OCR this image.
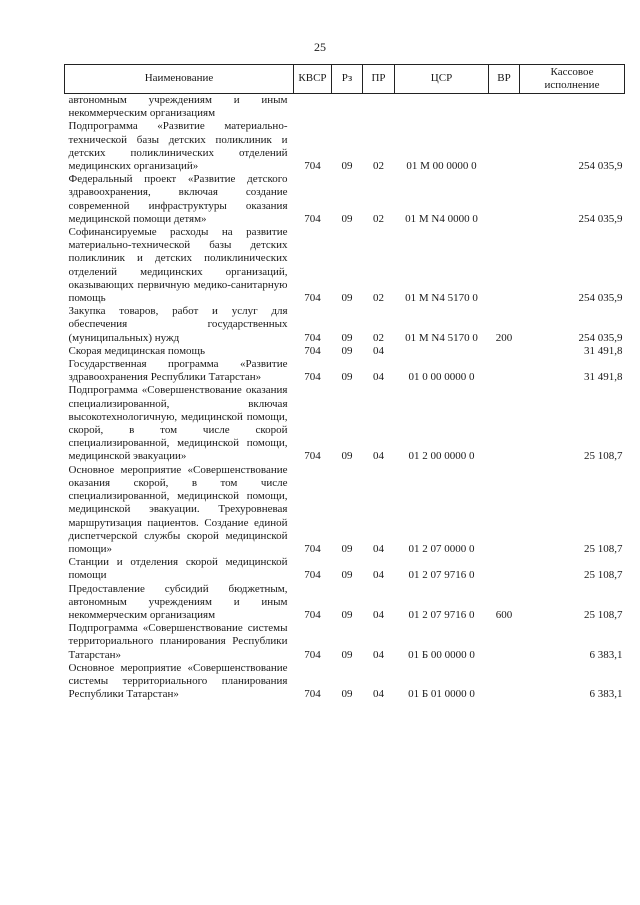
25
Наименование	КВСР	Рз	ПР	ЦСР	ВР	Кассовое исполнение
автономным учреждениям и иным некоммерческим организациям						
Подпрограмма «Развитие материально-технической базы детских поликлиник и детских поликлинических отделений медицинских организаций»	704	09	02	01 М 00 0000 0		254 035,9
Федеральный проект «Развитие детского здравоохранения, включая создание современной инфраструктуры оказания медицинской помощи детям»	704	09	02	01 М N4 0000 0		254 035,9
Софинансируемые расходы на развитие материально-технической базы детских поликлиник и детских поликлинических отделений медицинских организаций, оказывающих первичную медико-санитарную помощь	704	09	02	01 М N4 5170 0		254 035,9
Закупка товаров, работ и услуг для обеспечения государственных (муниципальных) нужд	704	09	02	01 М N4 5170 0	200	254 035,9
Скорая медицинская помощь	704	09	04			31 491,8
Государственная программа «Развитие здравоохранения Республики Татарстан»	704	09	04	01 0 00 0000 0		31 491,8
Подпрограмма «Совершенствование оказания специализированной, включая высокотехнологичную, медицинской помощи, скорой, в том числе скорой специализированной, медицинской помощи, медицинской эвакуации»	704	09	04	01 2 00 0000 0		25 108,7
Основное мероприятие «Совершенствование оказания скорой, в том числе специализированной, медицинской помощи, медицинской эвакуации. Трехуровневая маршрутизация пациентов. Создание единой диспетчерской службы скорой медицинской помощи»	704	09	04	01 2 07 0000 0		25 108,7
Станции и отделения скорой медицинской помощи	704	09	04	01 2 07 9716 0		25 108,7
Предоставление субсидий бюджетным, автономным учреждениям и иным некоммерческим организациям	704	09	04	01 2 07 9716 0	600	25 108,7
Подпрограмма «Совершенствование системы территориального планирования Республики Татарстан»	704	09	04	01 Б 00 0000 0		6 383,1
Основное мероприятие «Совершенствование системы территориального планирования Республики Татарстан»	704	09	04	01 Б 01 0000 0		6 383,1
